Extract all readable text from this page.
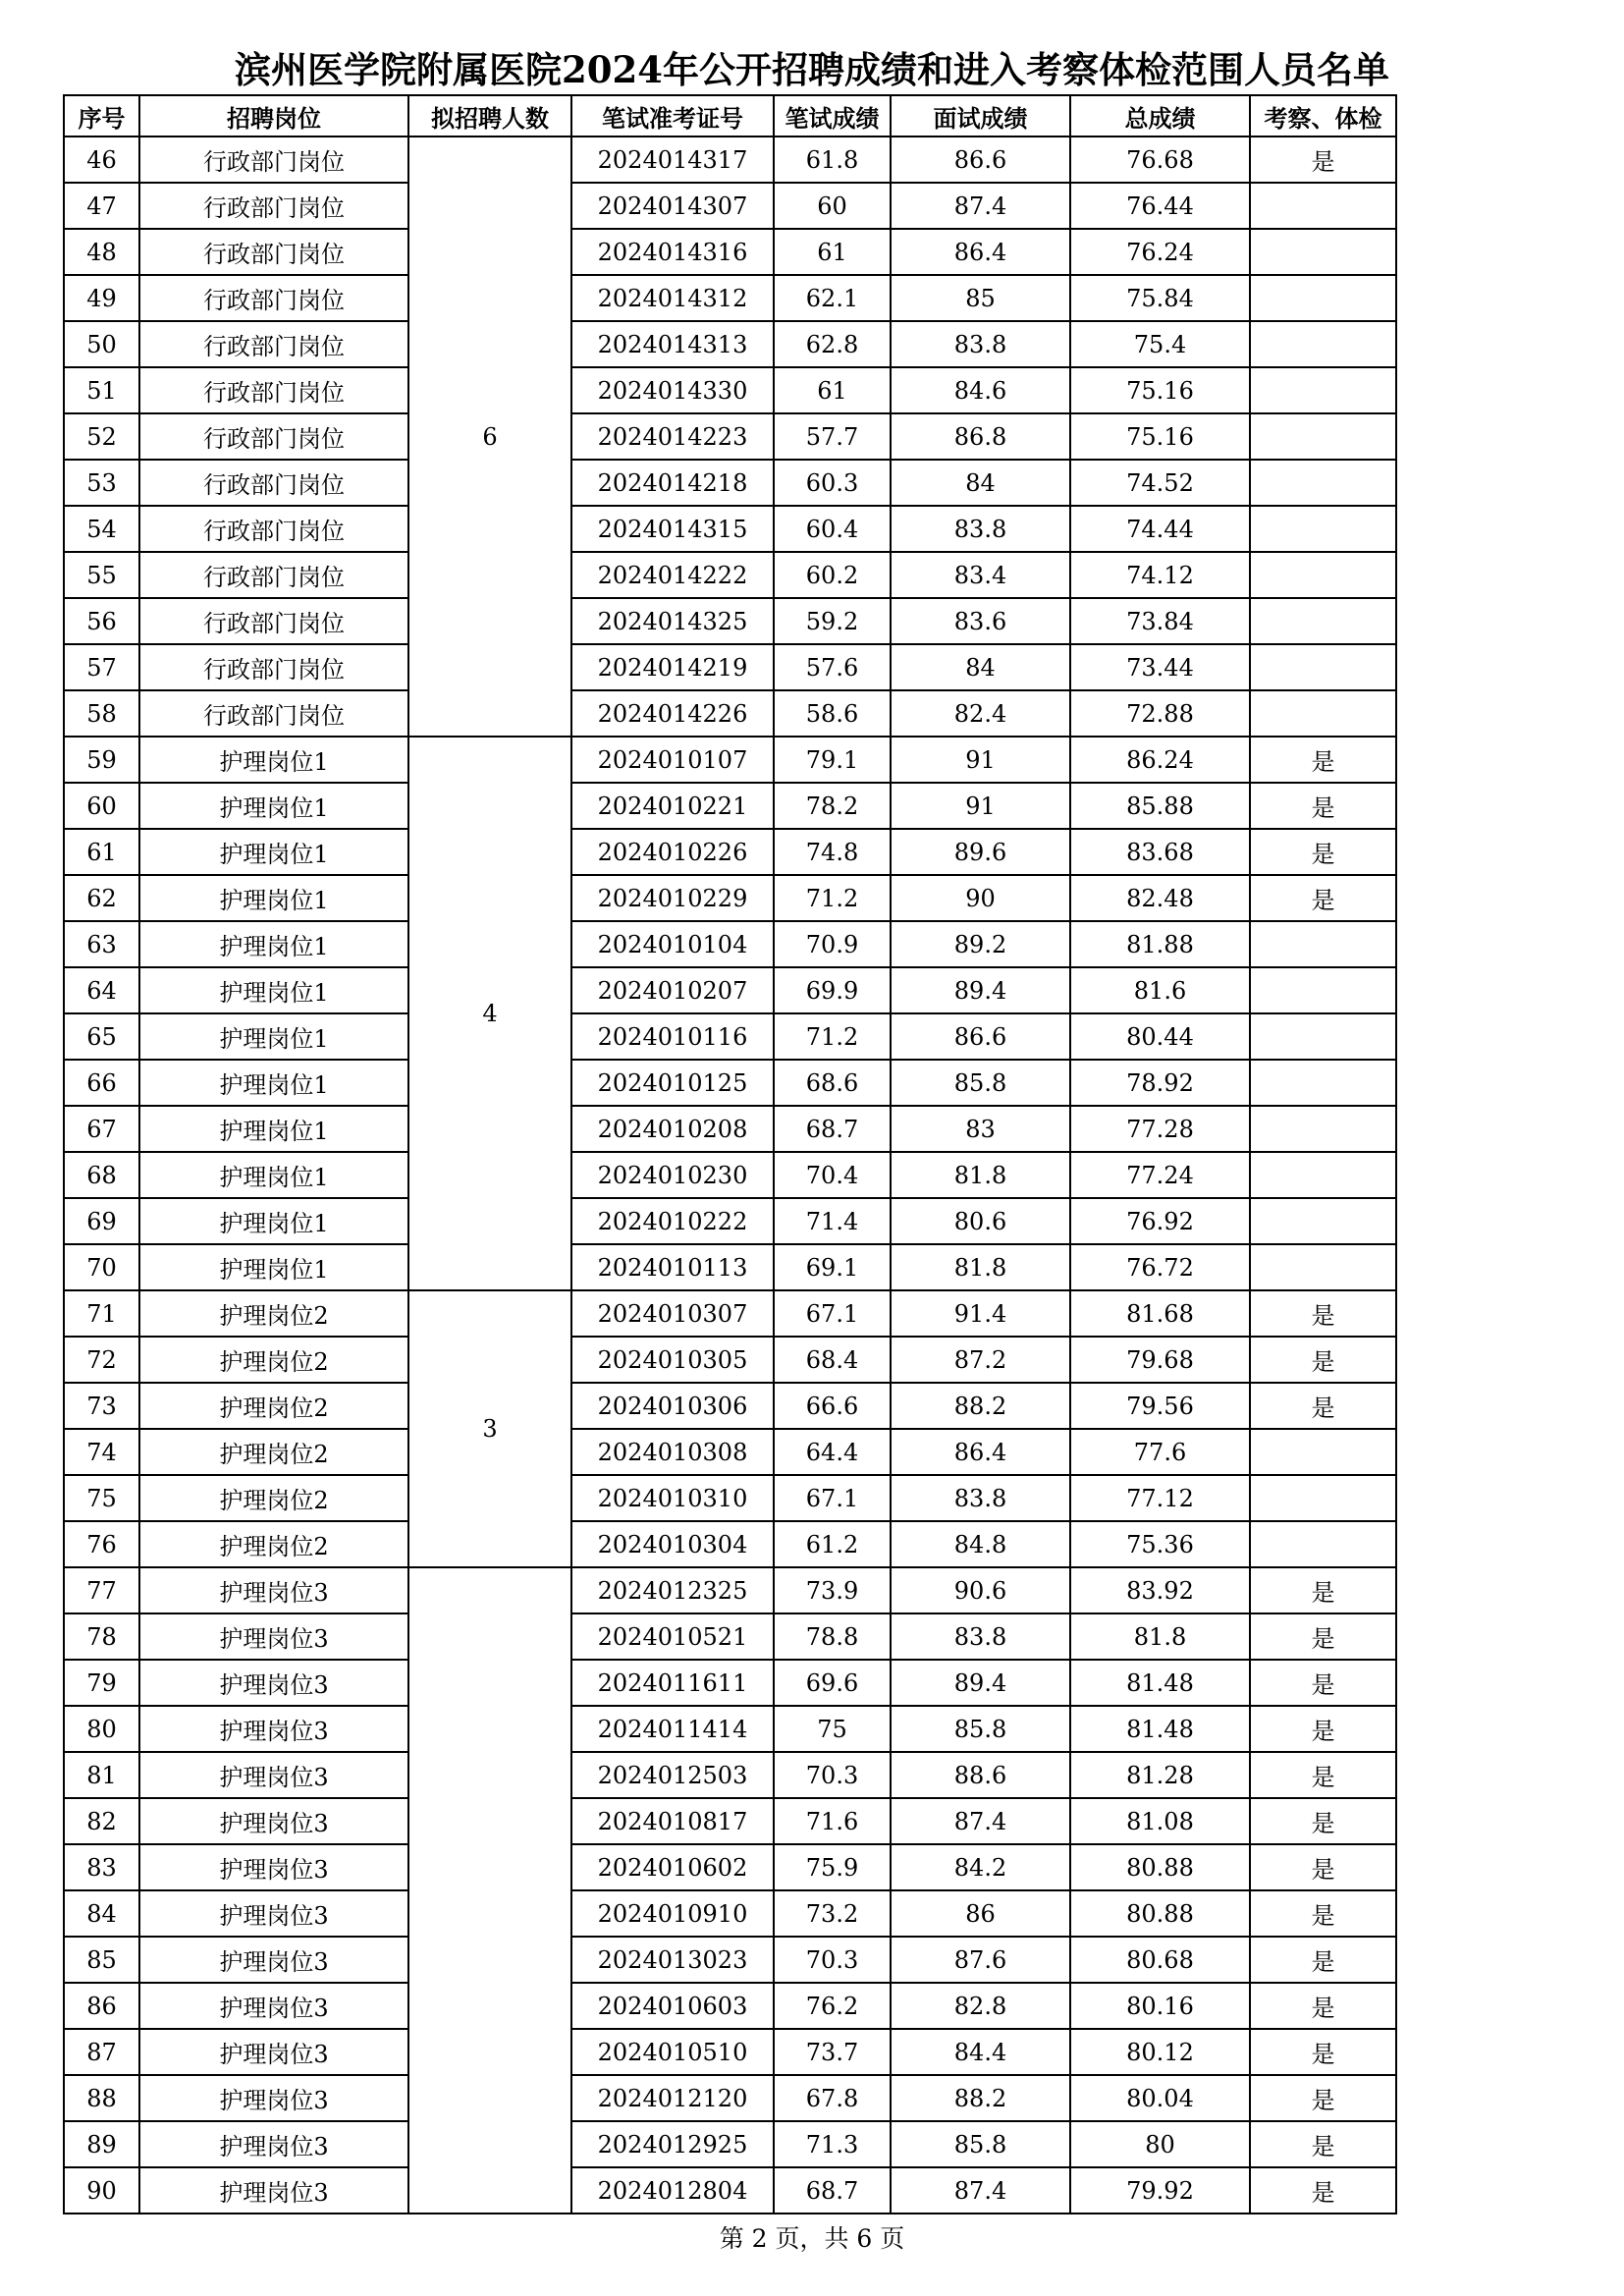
滨州医学院附属医院2024年公开招聘成绩和进入考察体检范围人员名单
序号	招聘岗位	拟招聘人数	笔试准考证号	笔试成绩	面试成绩	总成绩	考察、体检
46	行政部门岗位	6	2024014317	61.8	86.6	76.68	是
47	行政部门岗位		2024014307	60	87.4	76.44	
48	行政部门岗位		2024014316	61	86.4	76.24	
49	行政部门岗位		2024014312	62.1	85	75.84	
50	行政部门岗位		2024014313	62.8	83.8	75.4	
51	行政部门岗位		2024014330	61	84.6	75.16	
52	行政部门岗位		2024014223	57.7	86.8	75.16	
53	行政部门岗位		2024014218	60.3	84	74.52	
54	行政部门岗位		2024014315	60.4	83.8	74.44	
55	行政部门岗位		2024014222	60.2	83.4	74.12	
56	行政部门岗位		2024014325	59.2	83.6	73.84	
57	行政部门岗位		2024014219	57.6	84	73.44	
58	行政部门岗位		2024014226	58.6	82.4	72.88	
59	护理岗位1	4	2024010107	79.1	91	86.24	是
60	护理岗位1		2024010221	78.2	91	85.88	是
61	护理岗位1		2024010226	74.8	89.6	83.68	是
62	护理岗位1		2024010229	71.2	90	82.48	是
63	护理岗位1		2024010104	70.9	89.2	81.88	
64	护理岗位1		2024010207	69.9	89.4	81.6	
65	护理岗位1		2024010116	71.2	86.6	80.44	
66	护理岗位1		2024010125	68.6	85.8	78.92	
67	护理岗位1		2024010208	68.7	83	77.28	
68	护理岗位1		2024010230	70.4	81.8	77.24	
69	护理岗位1		2024010222	71.4	80.6	76.92	
70	护理岗位1		2024010113	69.1	81.8	76.72	
71	护理岗位2	3	2024010307	67.1	91.4	81.68	是
72	护理岗位2		2024010305	68.4	87.2	79.68	是
73	护理岗位2		2024010306	66.6	88.2	79.56	是
74	护理岗位2		2024010308	64.4	86.4	77.6	
75	护理岗位2		2024010310	67.1	83.8	77.12	
76	护理岗位2		2024010304	61.2	84.8	75.36	
77	护理岗位3		2024012325	73.9	90.6	83.92	是
78	护理岗位3		2024010521	78.8	83.8	81.8	是
79	护理岗位3		2024011611	69.6	89.4	81.48	是
80	护理岗位3		2024011414	75	85.8	81.48	是
81	护理岗位3		2024012503	70.3	88.6	81.28	是
82	护理岗位3		2024010817	71.6	87.4	81.08	是
83	护理岗位3		2024010602	75.9	84.2	80.88	是
84	护理岗位3		2024010910	73.2	86	80.88	是
85	护理岗位3		2024013023	70.3	87.6	80.68	是
86	护理岗位3		2024010603	76.2	82.8	80.16	是
87	护理岗位3		2024010510	73.7	84.4	80.12	是
88	护理岗位3		2024012120	67.8	88.2	80.04	是
89	护理岗位3		2024012925	71.3	85.8	80	是
90	护理岗位3		2024012804	68.7	87.4	79.92	是
第 2 页，共 6 页
